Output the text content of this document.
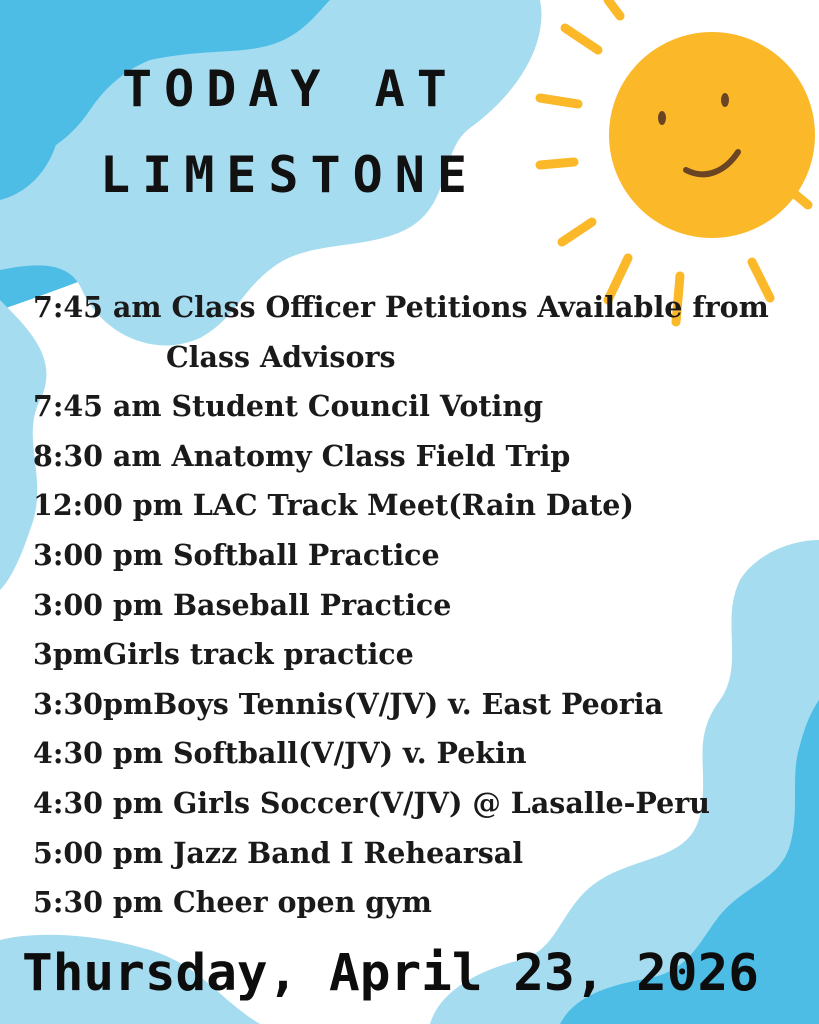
TODAY AT
LIMESTONE
7:45 am Class Officer Petitions Available from
Class Advisors
7:45 am Student Council Voting
8:30 am Anatomy Class Field Trip
12:00 pm LAC Track Meet(Rain Date)
3:00 pm Softball Practice
3:00 pm Baseball Practice
3pmGirls track practice
3:30pmBoys Tennis(V/JV) v. East Peoria
4:30 pm Softball(V/JV) v. Pekin
4:30 pm Girls Soccer(V/JV) @ Lasalle-Peru
5:00 pm Jazz Band I Rehearsal
5:30 pm Cheer open gym

Thursday, April 23, 2026
